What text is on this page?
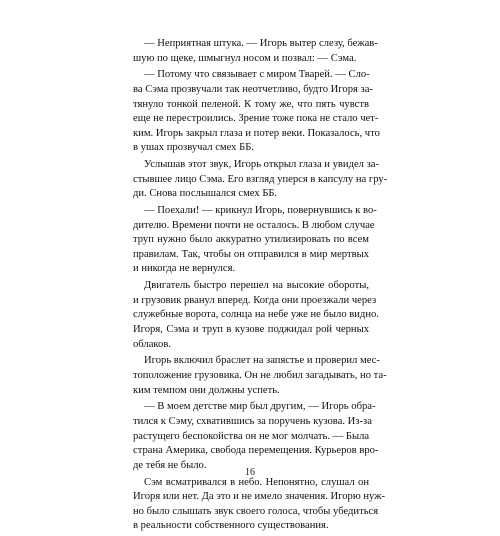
— Неприятная штука. — Игорь вытер слезу, бежав-
шую по щеке, шмыгнул носом и позвал: — Сэма.
— Потому что связывает с миром Тварей. — Сло-
ва Сэма прозвучали так неотчетливо, будто Игоря за-
тянуло тонкой пеленой. К тому же, что пять чувств
еще не перестроились. Зрение тоже пока не стало чет-
ким. Игорь закрыл глаза и потер веки. Показалось, что
в ушах прозвучал смех ББ.
Услышав этот звук, Игорь открыл глаза и увидел за-
стывшее лицо Сэма. Его взгляд уперся в капсулу на гру-
ди. Снова послышался смех ББ.
— Поехали! — крикнул Игорь, повернувшись к во-
дителю. Времени почти не осталось. В любом случае
труп нужно было аккуратно утилизировать по всем
правилам. Так, чтобы он отправился в мир мертвых
и никогда не вернулся.
Двигатель быстро перешел на высокие обороты,
и грузовик рванул вперед. Когда они проезжали через
служебные ворота, солнца на небе уже не было видно.
Игоря, Сэма и труп в кузове поджидал рой черных
облаков.
Игорь включил браслет на запястье и проверил мес-
тоположение грузовика. Он не любил загадывать, но та-
ким темпом они должны успеть.
— В моем детстве мир был другим, — Игорь обра-
тился к Сэму, схватившись за поручень кузова. Из-за
растущего беспокойства он не мог молчать. — Была
страна Америка, свобода перемещения. Курьеров вро-
де тебя не было.
Сэм всматривался в небо. Непонятно, слушал он
Игоря или нет. Да это и не имело значения. Игорю нуж-
но было слышать звук своего голоса, чтобы убедиться
в реальности собственного существования.
16
